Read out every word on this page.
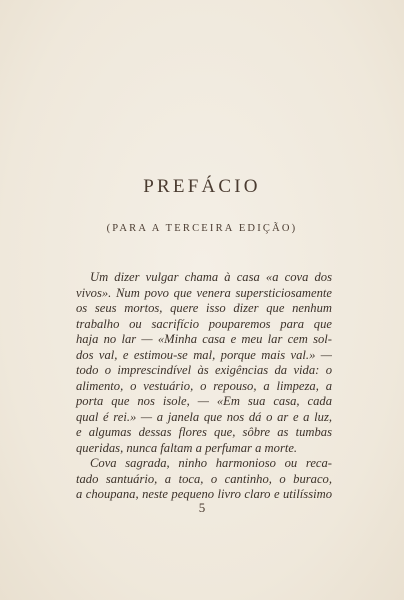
PREFÁCIO
(PARA A TERCEIRA EDIÇÃO)
Um dizer vulgar chama à casa «a cova dos
vivos». Num povo que venera supersticiosamente
os seus mortos, quere isso dizer que nenhum
trabalho ou sacrifício pouparemos para que
haja no lar — «Minha casa e meu lar cem sol-
dos val, e estimou-se mal, porque mais val.» —
todo o imprescindível às exigências da vida: o
alimento, o vestuário, o repouso, a limpeza, a
porta que nos isole, — «Em sua casa, cada
qual é rei.» — a janela que nos dá o ar e a luz,
e algumas dessas flores que, sôbre as tumbas
queridas, nunca faltam a perfumar a morte.
Cova sagrada, ninho harmonioso ou reca-
tado santuário, a toca, o cantinho, o buraco,
a choupana, neste pequeno livro claro e utilíssimo
5
